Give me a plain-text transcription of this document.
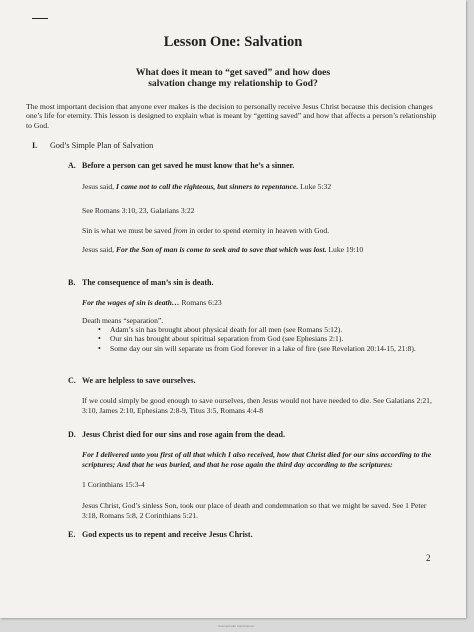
Lesson One: Salvation
What does it mean to “get saved” and how does
salvation change my relationship to God?
The most important decision that anyone ever makes is the decision to personally receive Jesus Christ because this decision changes one’s life for eternity. This lesson is designed to explain what is meant by “getting saved” and how that affects a person’s relationship to God.
I. God’s Simple Plan of Salvation
A. Before a person can get saved he must know that he’s a sinner.
Jesus said, I came not to call the righteous, but sinners to repentance. Luke 5:32
See Romans 3:10, 23, Galatians 3:22
Sin is what we must be saved from in order to spend eternity in heaven with God.
Jesus said, For the Son of man is come to seek and to save that which was lost. Luke 19:10
B. The consequence of man’s sin is death.
For the wages of sin is death… Romans 6:23
Death means “separation”.
• Adam’s sin has brought about physical death for all men (see Romans 5:12).
• Our sin has brought about spiritual separation from God (see Ephesians 2:1).
• Some day our sin will separate us from God forever in a lake of fire (see Revelation 20:14-15, 21:8).
C. We are helpless to save ourselves.
If we could simply be good enough to save ourselves, then Jesus would not have needed to die. See Galatians 2:21, 3:10, James 2:10, Ephesians 2:8-9, Titus 3:5, Romans 4:4-8
D. Jesus Christ died for our sins and rose again from the dead.
For I delivered unto you first of all that which I also received, how that Christ died for our sins according to the scriptures; And that he was buried, and that he rose again the third day according to the scriptures:
1 Corinthians 15:3-4
Jesus Christ, God’s sinless Son, took our place of death and condemnation so that we might be saved. See 1 Peter 3:18, Romans 5:8, 2 Corinthians 5:21.
E. God expects us to repent and receive Jesus Christ.
2
Scanned with CamScanner
